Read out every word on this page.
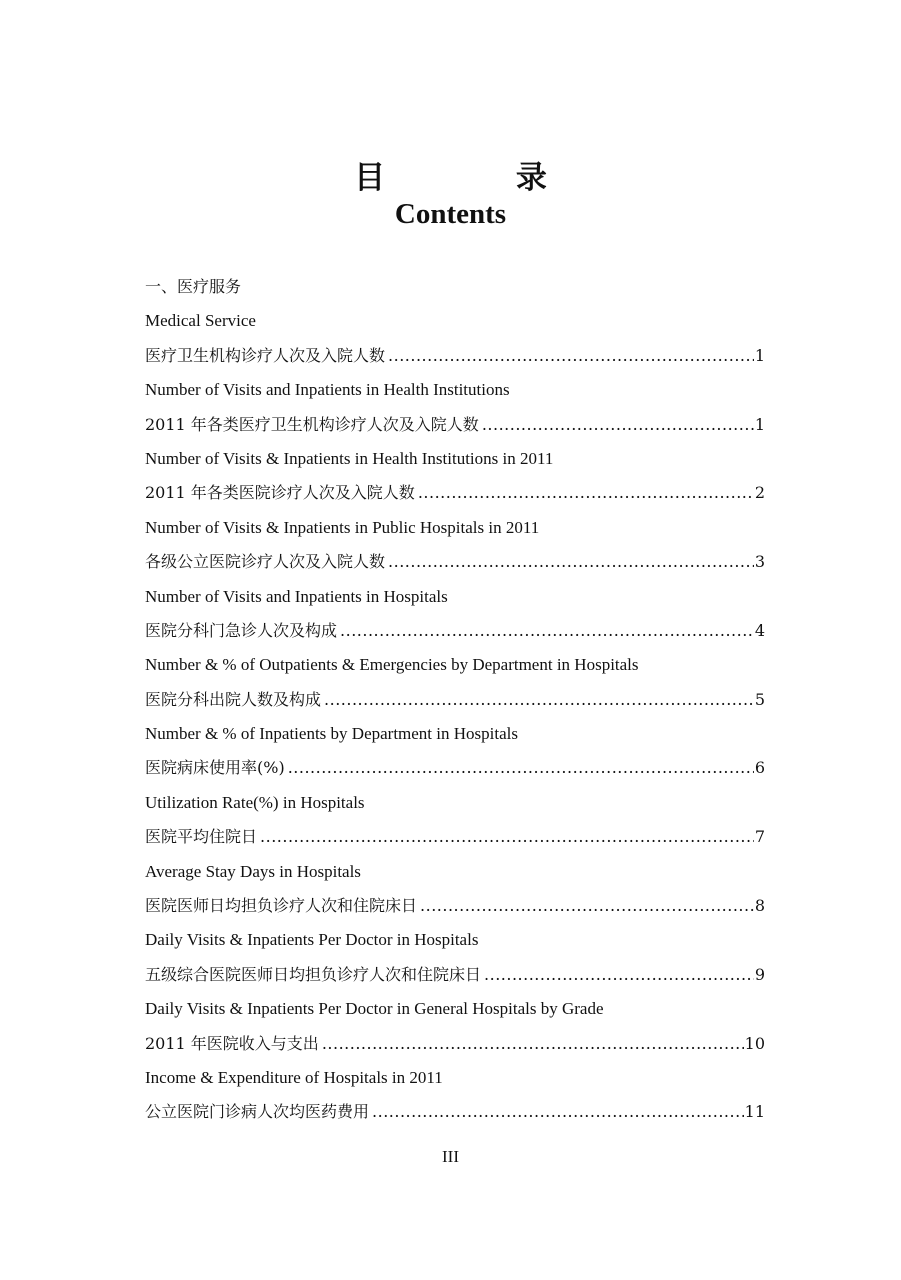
目 录
Contents
一、医疗服务
Medical Service
医疗卫生机构诊疗人次及入院人数 .....	1
Number of Visits and Inpatients in Health Institutions
2011 年各类医疗卫生机构诊疗人次及入院人数 .....	1
Number of Visits & Inpatients in Health Institutions in 2011
2011 年各类医院诊疗人次及入院人数 .....	2
Number of Visits & Inpatients in Public Hospitals in 2011
各级公立医院诊疗人次及入院人数 .....	3
Number of Visits and Inpatients in Hospitals
医院分科门急诊人次及构成 .....	4
Number & % of Outpatients & Emergencies by Department in Hospitals
医院分科出院人数及构成 .....	5
Number & % of Inpatients by Department in Hospitals
医院病床使用率(%) .....	6
Utilization Rate(%) in Hospitals
医院平均住院日 .....	7
Average Stay Days in Hospitals
医院医师日均担负诊疗人次和住院床日 .....	8
Daily Visits & Inpatients Per Doctor in Hospitals
五级综合医院医师日均担负诊疗人次和住院床日 .....	9
Daily Visits & Inpatients Per Doctor in General Hospitals by Grade
2011 年医院收入与支出 .....	10
Income & Expenditure of Hospitals in 2011
公立医院门诊病人次均医药费用 .....	11
III
